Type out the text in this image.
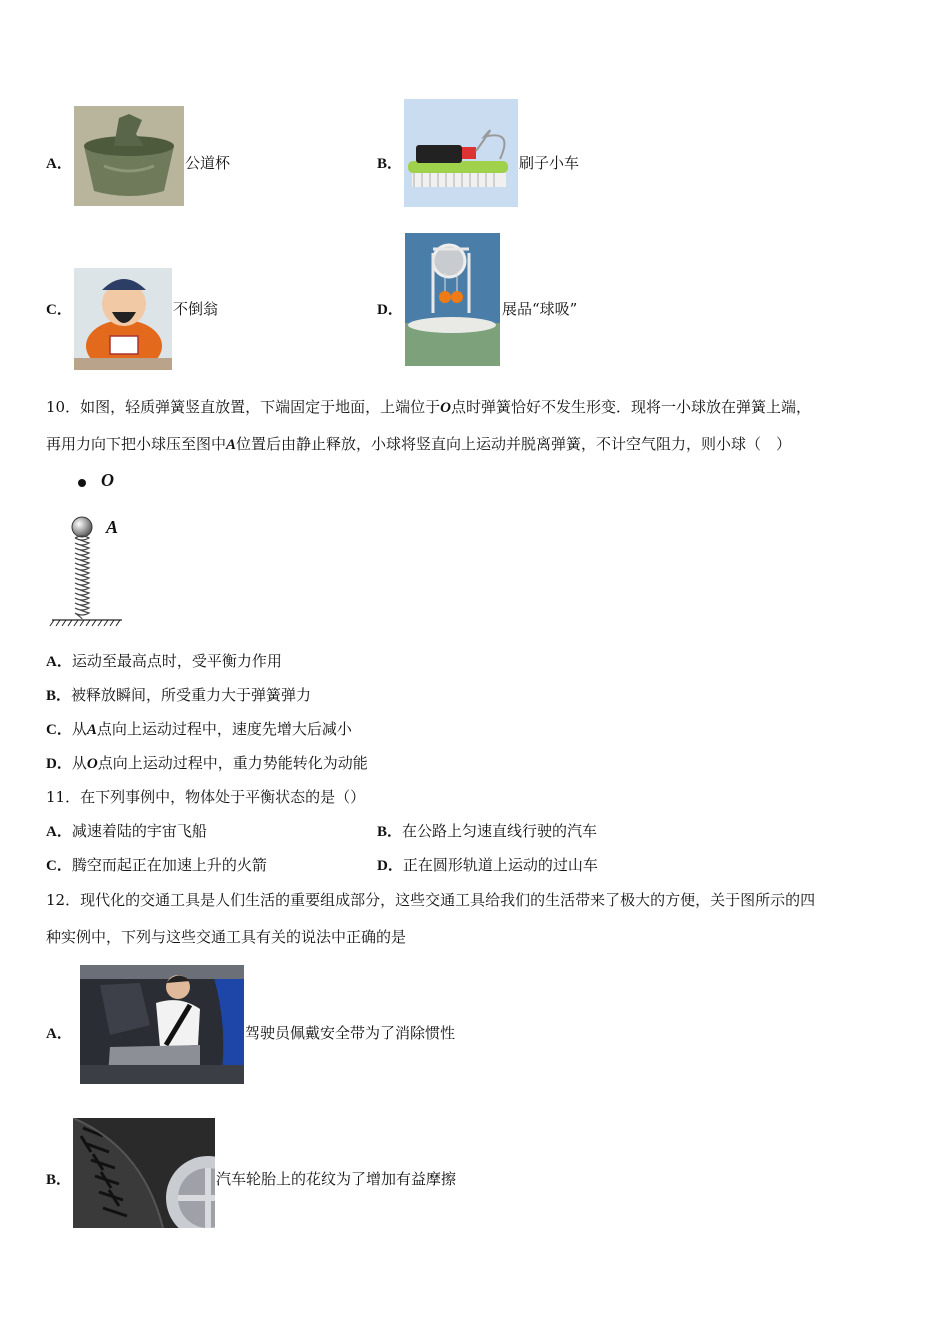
A．	公道杯	B．	刷子小车
C．	不倒翁	D．	展品“球吸”
10．如图，轻质弹簧竖直放置，下端固定于地面，上端位于O点时弹簧恰好不发生形变．现将一小球放在弹簧上端，
再用力向下把小球压至图中A位置后由静止释放，小球将竖直向上运动并脱离弹簧，不计空气阻力，则小球（　）
O
A
A．运动至最高点时，受平衡力作用
B．被释放瞬间，所受重力大于弹簧弹力
C．从A点向上运动过程中，速度先增大后减小
D．从O点向上运动过程中，重力势能转化为动能
11．在下列事例中，物体处于平衡状态的是（）
A．减速着陆的宇宙飞船	B．在公路上匀速直线行驶的汽车
C．腾空而起正在加速上升的火箭	D．正在圆形轨道上运动的过山车
12．现代化的交通工具是人们生活的重要组成部分，这些交通工具给我们的生活带来了极大的方便，关于图所示的四
种实例中，下列与这些交通工具有关的说法中正确的是
A．	驾驶员佩戴安全带为了消除惯性
B．	汽车轮胎上的花纹为了增加有益摩擦
